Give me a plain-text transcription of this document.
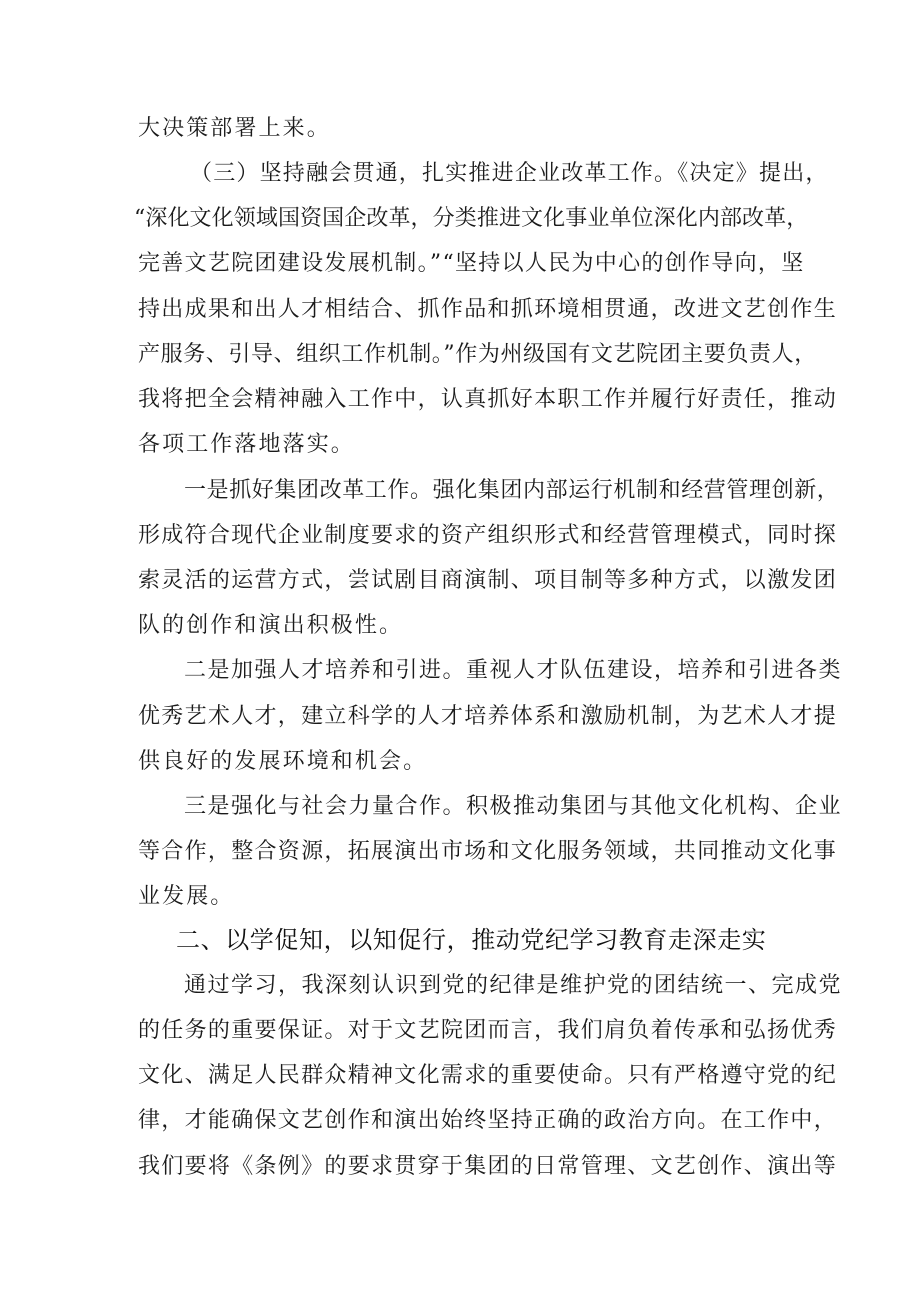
大决策部署上来。
（三）坚持融会贯通，扎实推进企业改革工作。《决定》提出，
“深化文化领域国资国企改革，分类推进文化事业单位深化内部改革，
完善文艺院团建设发展机制。”“坚持以人民为中心的创作导向，坚
持出成果和出人才相结合、抓作品和抓环境相贯通，改进文艺创作生
产服务、引导、组织工作机制。”作为州级国有文艺院团主要负责人，
我将把全会精神融入工作中，认真抓好本职工作并履行好责任，推动
各项工作落地落实。
一是抓好集团改革工作。强化集团内部运行机制和经营管理创新，
形成符合现代企业制度要求的资产组织形式和经营管理模式，同时探
索灵活的运营方式，尝试剧目商演制、项目制等多种方式，以激发团
队的创作和演出积极性。
二是加强人才培养和引进。重视人才队伍建设，培养和引进各类
优秀艺术人才，建立科学的人才培养体系和激励机制，为艺术人才提
供良好的发展环境和机会。
三是强化与社会力量合作。积极推动集团与其他文化机构、企业
等合作，整合资源，拓展演出市场和文化服务领域，共同推动文化事
业发展。
二、以学促知，以知促行，推动党纪学习教育走深走实
通过学习，我深刻认识到党的纪律是维护党的团结统一、完成党
的任务的重要保证。对于文艺院团而言，我们肩负着传承和弘扬优秀
文化、满足人民群众精神文化需求的重要使命。只有严格遵守党的纪
律，才能确保文艺创作和演出始终坚持正确的政治方向。在工作中，
我们要将《条例》的要求贯穿于集团的日常管理、文艺创作、演出等
